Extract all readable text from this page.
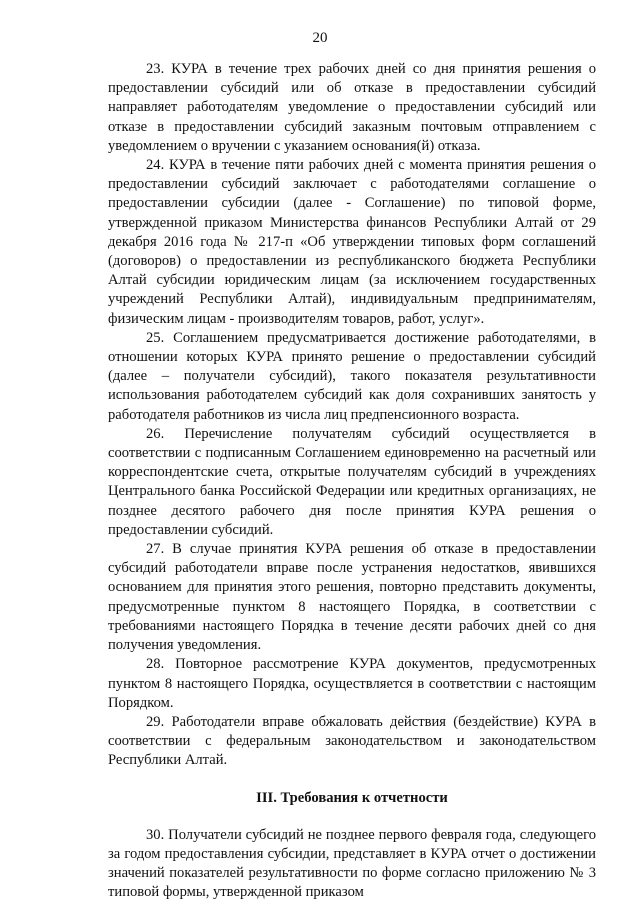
20

23. КУРА в течение трех рабочих дней со дня принятия решения о предоставлении субсидий или об отказе в предоставлении субсидий направляет работодателям уведомление о предоставлении субсидий или отказе в предоставлении субсидий заказным почтовым отправлением с уведомлением о вручении с указанием основания(й) отказа.

24. КУРА в течение пяти рабочих дней с момента принятия решения о предоставлении субсидий заключает с работодателями соглашение о предоставлении субсидии (далее - Соглашение) по типовой форме, утвержденной приказом Министерства финансов Республики Алтай от 29 декабря 2016 года № 217-п «Об утверждении типовых форм соглашений (договоров) о предоставлении из республиканского бюджета Республики Алтай субсидии юридическим лицам (за исключением государственных учреждений Республики Алтай), индивидуальным предпринимателям, физическим лицам - производителям товаров, работ, услуг».

25. Соглашением предусматривается достижение работодателями, в отношении которых КУРА принято решение о предоставлении субсидий (далее – получатели субсидий), такого показателя результативности использования работодателем субсидий как доля сохранивших занятость у работодателя работников из числа лиц предпенсионного возраста.

26. Перечисление получателям субсидий осуществляется в соответствии с подписанным Соглашением единовременно на расчетный или корреспондентские счета, открытые получателям субсидий в учреждениях Центрального банка Российской Федерации или кредитных организациях, не позднее десятого рабочего дня после принятия КУРА решения о предоставлении субсидий.

27. В случае принятия КУРА решения об отказе в предоставлении субсидий работодатели вправе после устранения недостатков, явившихся основанием для принятия этого решения, повторно представить документы, предусмотренные пунктом 8 настоящего Порядка, в соответствии с требованиями настоящего Порядка в течение десяти рабочих дней со дня получения уведомления.

28. Повторное рассмотрение КУРА документов, предусмотренных пунктом 8 настоящего Порядка, осуществляется в соответствии с настоящим Порядком.

29. Работодатели вправе обжаловать действия (бездействие) КУРА в соответствии с федеральным законодательством и законодательством Республики Алтай.

III. Требования к отчетности

30. Получатели субсидий не позднее первого февраля года, следующего за годом предоставления субсидии, представляет в КУРА отчет о достижении значений показателей результативности по форме согласно приложению № 3 типовой формы, утвержденной приказом
